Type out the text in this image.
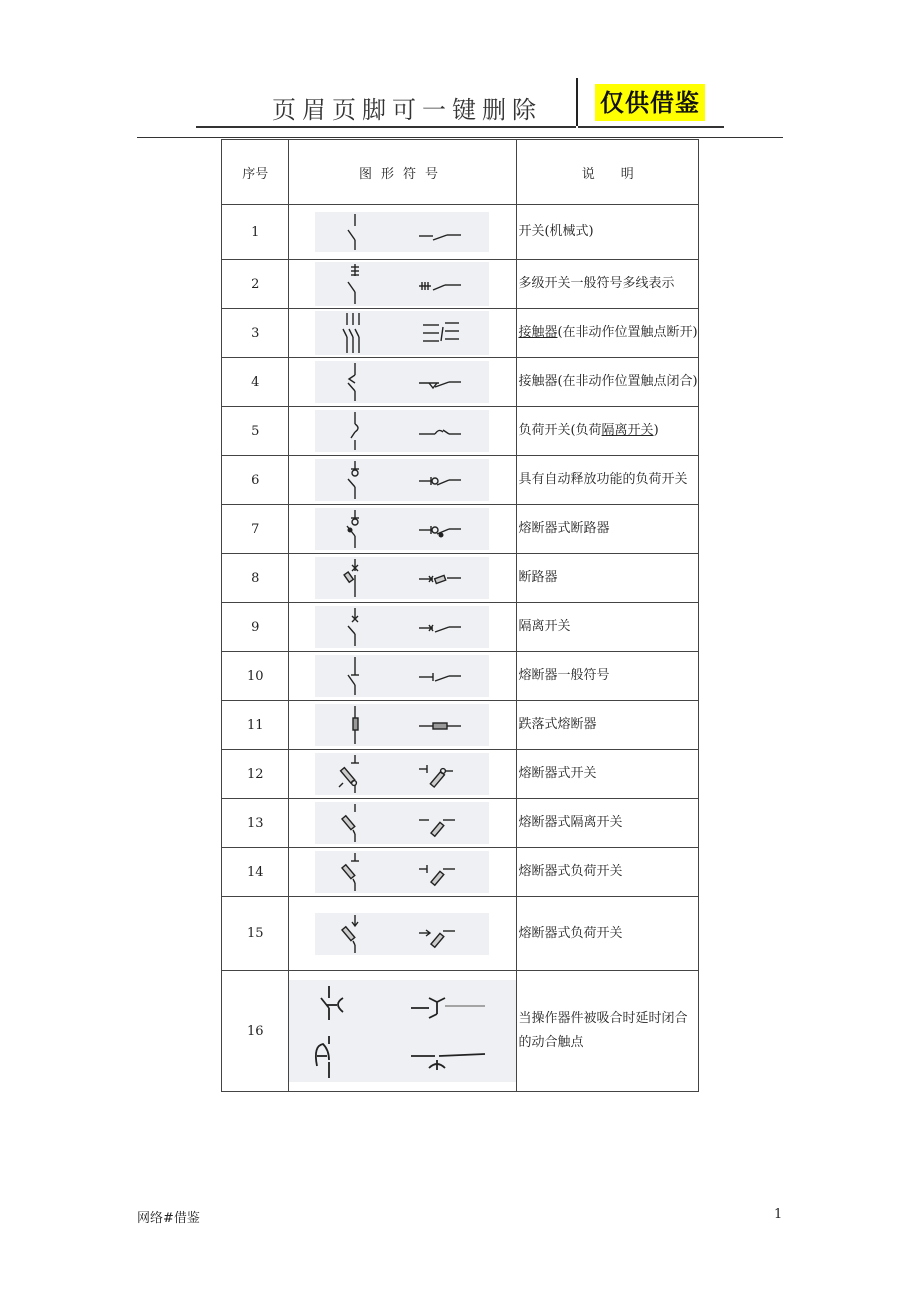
页眉页脚可一键删除 仅供借鉴
序号	图形符号	说　　明
1		开关(机械式)
2		多级开关一般符号多线表示
3		接触器(在非动作位置触点断开)
4		接触器(在非动作位置触点闭合)
5		负荷开关(负荷隔离开关)
6		具有自动释放功能的负荷开关
7		熔断器式断路器
8		断路器
9		隔离开关
10		熔断器一般符号
11		跌落式熔断器
12		熔断器式开关
13		熔断器式隔离开关
14		熔断器式负荷开关
15		熔断器式负荷开关
16		当操作器件被吸合时延时闭合的动合触点
网络#借鉴	1
